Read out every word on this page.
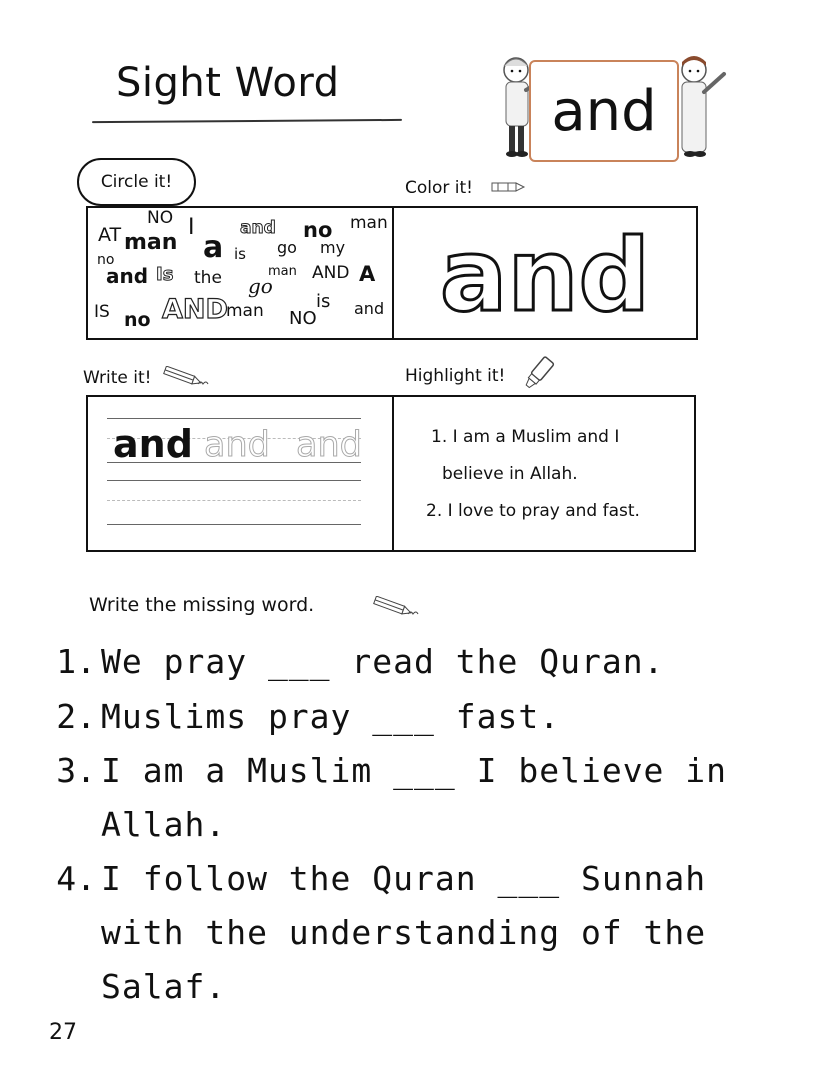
Sight Word	and
Circle it!	Color it!
AT
NO I	and no man
man a is go my
no
and Is the go
man AND A
IS no AND
man NO
is and and
Write it!	Highlight it!
and and and	1. I am a Muslim and I
believe in Allah.
2. I love to pray and fast.
Write the missing word.
1. We pray ___ read the Quran.
2. Muslims pray ___ fast.
3. I am a Muslim ___ I believe in
Allah.
4. I follow the Quran ___ Sunnah
with the understanding of the
Salaf.
27
